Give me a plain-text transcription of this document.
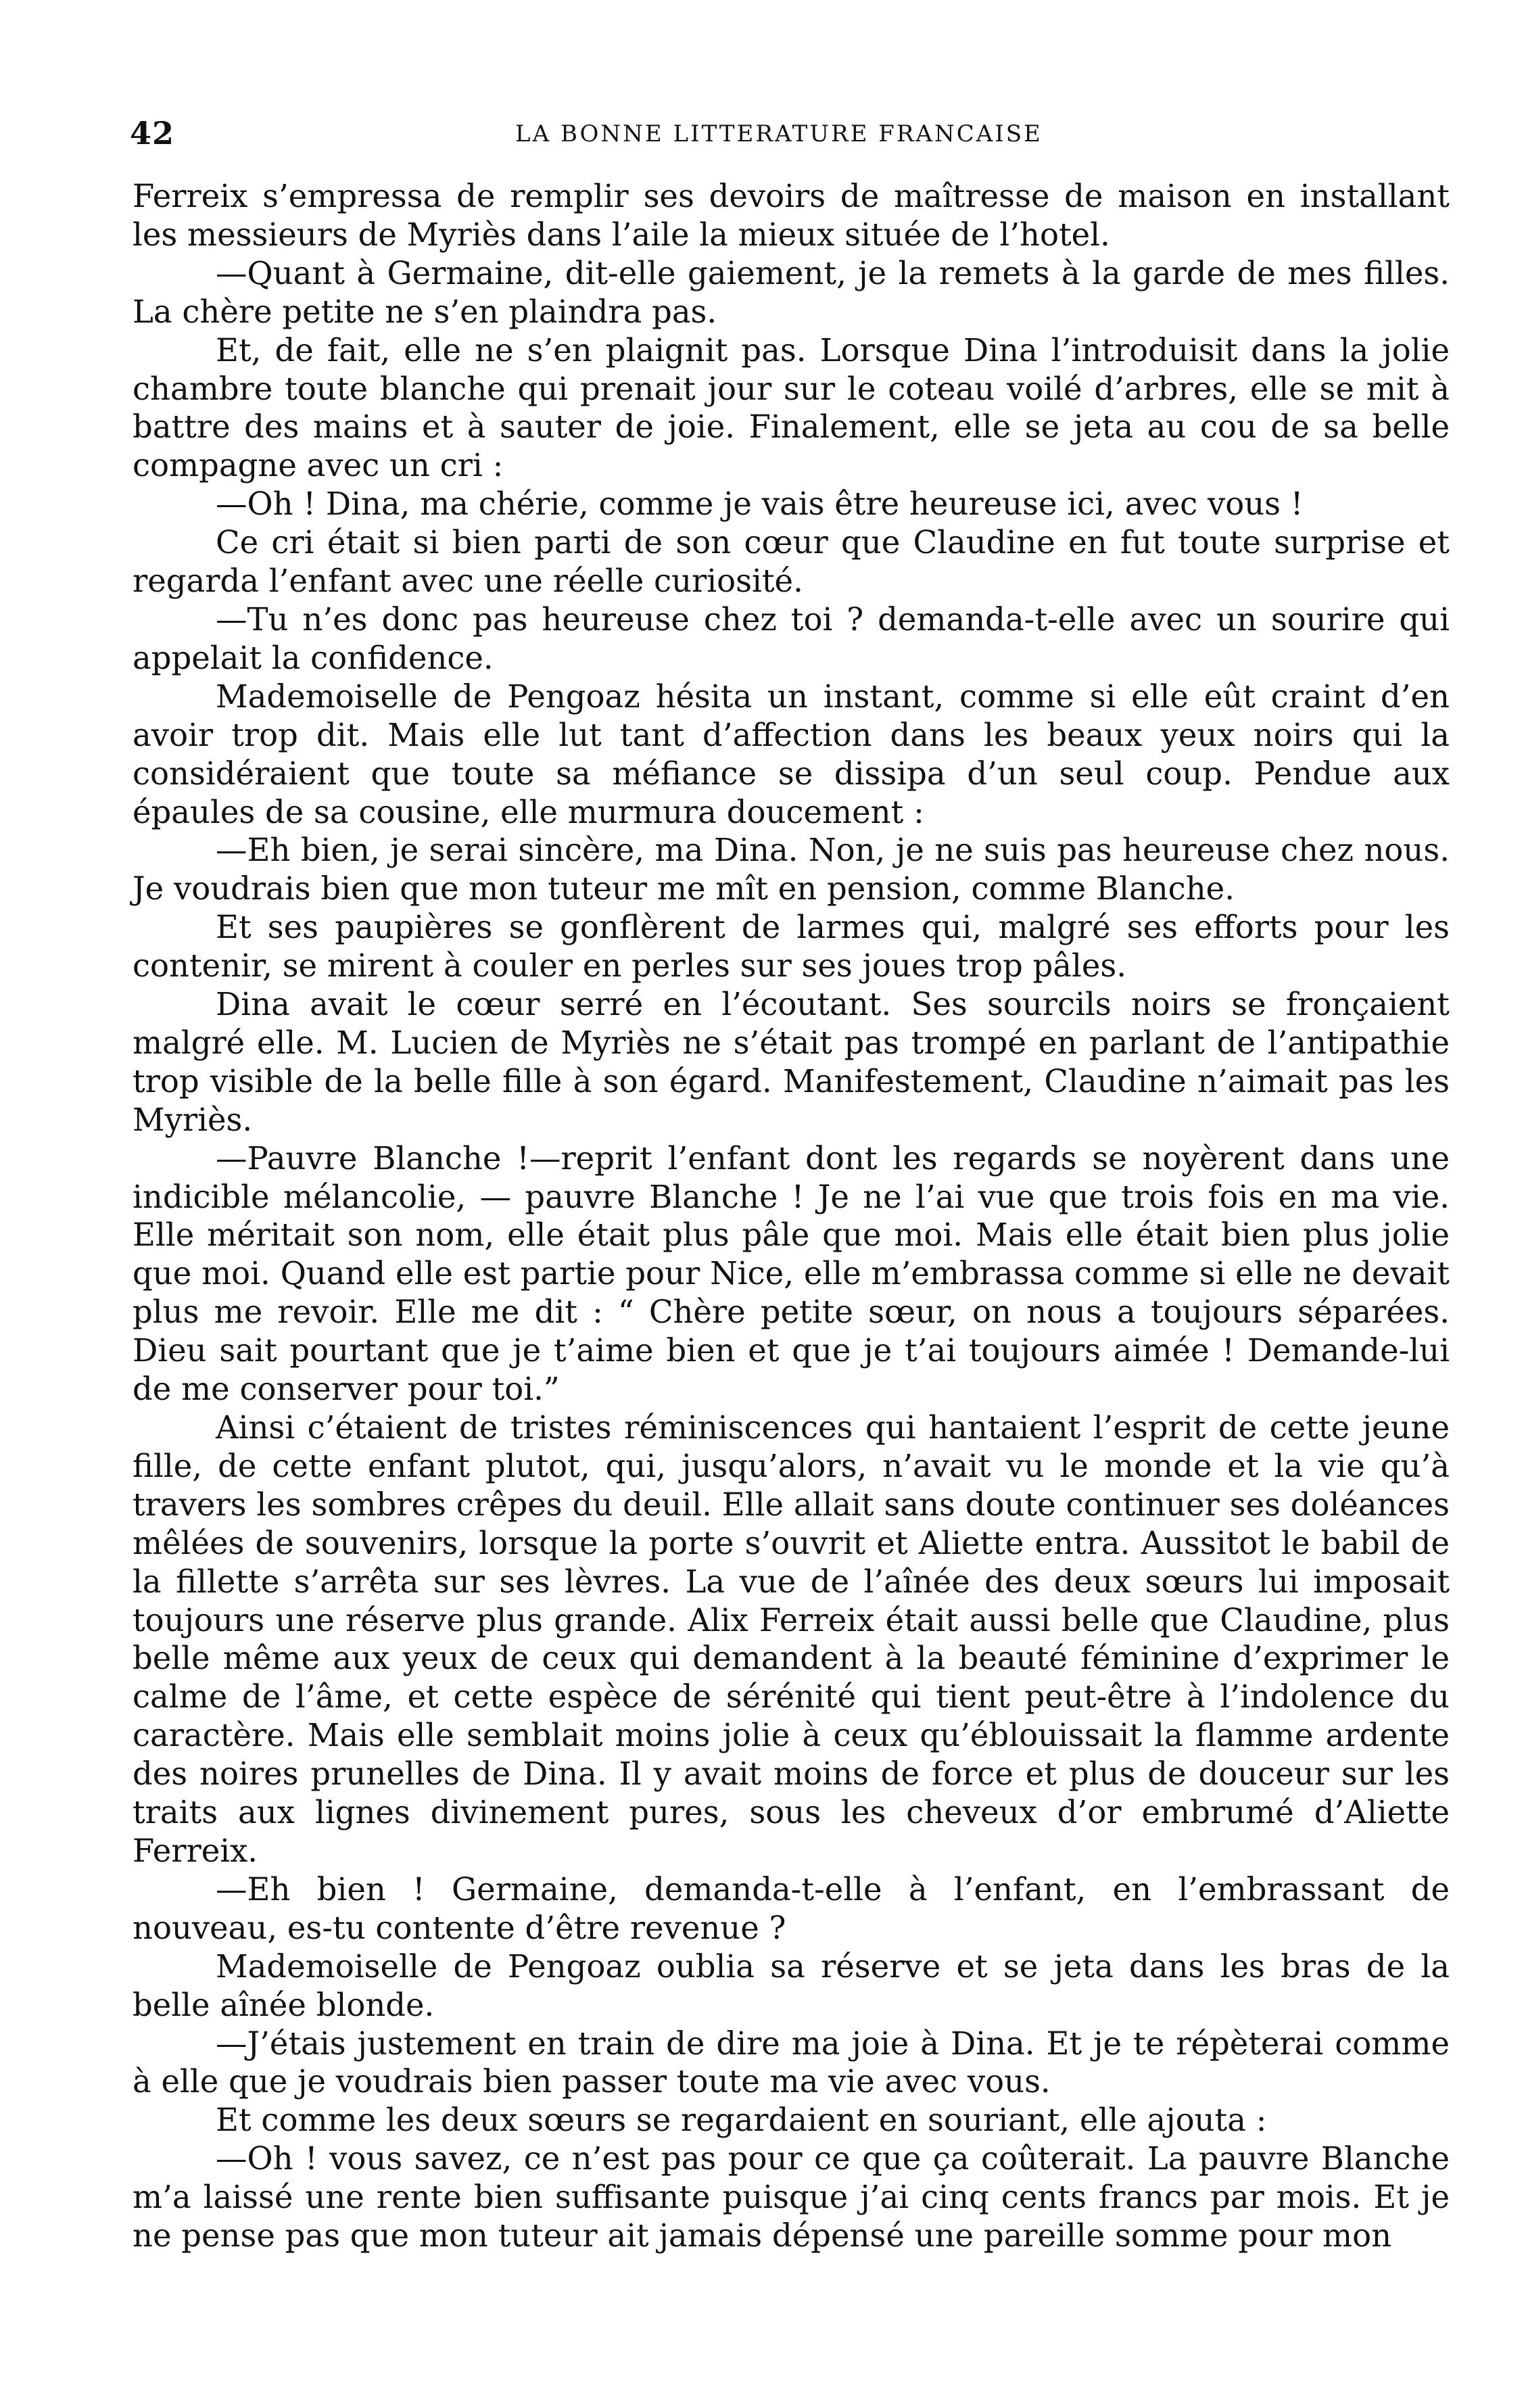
42	LA BONNE LITTERATURE FRANCAISE

Ferreix s’empressa de remplir ses devoirs de maîtresse de maison en installant les messieurs de Myriès dans l’aile la mieux située de l’hotel.

—Quant à Germaine, dit-elle gaiement, je la remets à la garde de mes filles. La chère petite ne s’en plaindra pas.

Et, de fait, elle ne s’en plaignit pas. Lorsque Dina l’introduisit dans la jolie chambre toute blanche qui prenait jour sur le coteau voilé d’arbres, elle se mit à battre des mains et à sauter de joie. Finalement, elle se jeta au cou de sa belle compagne avec un cri :

—Oh ! Dina, ma chérie, comme je vais être heureuse ici, avec vous !

Ce cri était si bien parti de son cœur que Claudine en fut toute surprise et regarda l’enfant avec une réelle curiosité.

—Tu n’es donc pas heureuse chez toi ? demanda-t-elle avec un sourire qui appelait la confidence.

Mademoiselle de Pengoaz hésita un instant, comme si elle eût craint d’en avoir trop dit. Mais elle lut tant d’affection dans les beaux yeux noirs qui la considéraient que toute sa méfiance se dissipa d’un seul coup. Pendue aux épaules de sa cousine, elle murmura doucement :

—Eh bien, je serai sincère, ma Dina. Non, je ne suis pas heureuse chez nous. Je voudrais bien que mon tuteur me mît en pension, comme Blanche.

Et ses paupières se gonflèrent de larmes qui, malgré ses efforts pour les contenir, se mirent à couler en perles sur ses joues trop pâles.

Dina avait le cœur serré en l’écoutant. Ses sourcils noirs se fronçaient malgré elle. M. Lucien de Myriès ne s’était pas trompé en parlant de l’antipathie trop visible de la belle fille à son égard. Manifestement, Claudine n’aimait pas les Myriès.

—Pauvre Blanche !—reprit l’enfant dont les regards se noyèrent dans une indicible mélancolie, — pauvre Blanche ! Je ne l’ai vue que trois fois en ma vie. Elle méritait son nom, elle était plus pâle que moi. Mais elle était bien plus jolie que moi. Quand elle est partie pour Nice, elle m’embrassa comme si elle ne devait plus me revoir. Elle me dit : “ Chère petite sœur, on nous a toujours séparées. Dieu sait pourtant que je t’aime bien et que je t’ai toujours aimée ! Demande-lui de me conserver pour toi.”

Ainsi c’étaient de tristes réminiscences qui hantaient l’esprit de cette jeune fille, de cette enfant plutot, qui, jusqu’alors, n’avait vu le monde et la vie qu’à travers les sombres crêpes du deuil. Elle allait sans doute continuer ses doléances mêlées de souvenirs, lorsque la porte s’ouvrit et Aliette entra. Aussitot le babil de la fillette s’arrêta sur ses lèvres. La vue de l’aînée des deux sœurs lui imposait toujours une réserve plus grande. Alix Ferreix était aussi belle que Claudine, plus belle même aux yeux de ceux qui demandent à la beauté féminine d’exprimer le calme de l’âme, et cette espèce de sérénité qui tient peut-être à l’indolence du caractère. Mais elle semblait moins jolie à ceux qu’éblouissait la flamme ardente des noires prunelles de Dina. Il y avait moins de force et plus de douceur sur les traits aux lignes divinement pures, sous les cheveux d’or embrumé d’Aliette Ferreix.

—Eh bien ! Germaine, demanda-t-elle à l’enfant, en l’embrassant de nouveau, es-tu contente d’être revenue ?

Mademoiselle de Pengoaz oublia sa réserve et se jeta dans les bras de la belle aînée blonde.

—J’étais justement en train de dire ma joie à Dina. Et je te répèterai comme à elle que je voudrais bien passer toute ma vie avec vous.

Et comme les deux sœurs se regardaient en souriant, elle ajouta :

—Oh ! vous savez, ce n’est pas pour ce que ça coûterait. La pauvre Blanche m’a laissé une rente bien suffisante puisque j’ai cinq cents francs par mois. Et je ne pense pas que mon tuteur ait jamais dépensé une pareille somme pour mon
